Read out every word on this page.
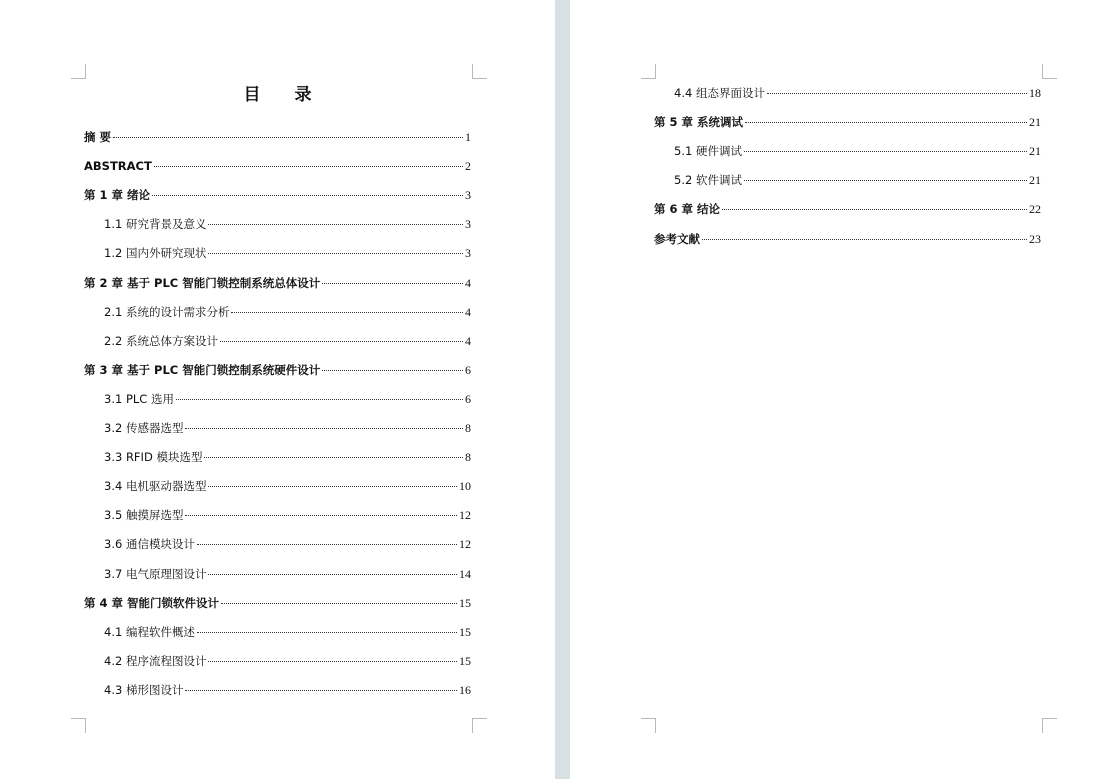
目 录
摘 要	1
ABSTRACT	2
第 1 章 绪论	3
1.1 研究背景及意义	3
1.2 国内外研究现状	3
第 2 章 基于 PLC 智能门锁控制系统总体设计	4
2.1 系统的设计需求分析	4
2.2 系统总体方案设计	4
第 3 章 基于 PLC 智能门锁控制系统硬件设计	6
3.1 PLC 选用	6
3.2 传感器选型	8
3.3 RFID 模块选型	8
3.4 电机驱动器选型	10
3.5 触摸屏选型	12
3.6 通信模块设计	12
3.7 电气原理图设计	14
第 4 章 智能门锁软件设计	15
4.1 编程软件概述	15
4.2 程序流程图设计	15
4.3 梯形图设计	16
4.4 组态界面设计	18
第 5 章 系统调试	21
5.1 硬件调试	21
5.2 软件调试	21
第 6 章 结论	22
参考文献	23
